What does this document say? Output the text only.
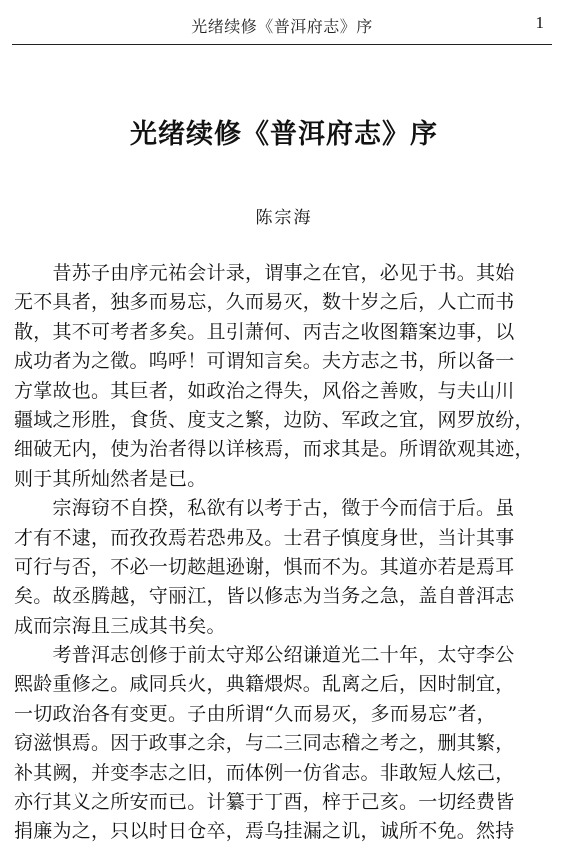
光绪续修《普洱府志》序	1
光绪续修《普洱府志》序
陈宗海
　　昔苏子由序元祐会计录，谓事之在官，必见于书。其始
无不具者，独多而易忘，久而易灭，数十岁之后，人亡而书
散，其不可考者多矣。且引萧何、丙吉之收图籍案边事，以
成功者为之徵。呜呼！可谓知言矣。夫方志之书，所以备一
方掌故也。其巨者，如政治之得失，风俗之善败，与夫山川
疆域之形胜，食货、度支之繁，边防、军政之宜，网罗放纷，
细破无内，使为治者得以详核焉，而求其是。所谓欲观其迹，
则于其所灿然者是已。
　　宗海窃不自揆，私欲有以考于古，徵于今而信于后。虽
才有不逮，而孜孜焉若恐弗及。士君子慎度身世，当计其事
可行与否，不必一切趑趄逊谢，惧而不为。其道亦若是焉耳
矣。故丞腾越，守丽江，皆以修志为当务之急，盖自普洱志
成而宗海且三成其书矣。
　　考普洱志创修于前太守郑公绍谦道光二十年，太守李公
熙龄重修之。咸同兵火，典籍煨烬。乱离之后，因时制宜，
一切政治各有变更。子由所谓“久而易灭，多而易忘”者，
窃滋惧焉。因于政事之余，与二三同志稽之考之，删其繁，
补其阙，并变李志之旧，而体例一仿省志。非敢短人炫己，
亦行其义之所安而已。计纂于丁酉，梓于己亥。一切经费皆
捐廉为之，只以时日仓卒，焉乌挂漏之讥，诚所不免。然持
